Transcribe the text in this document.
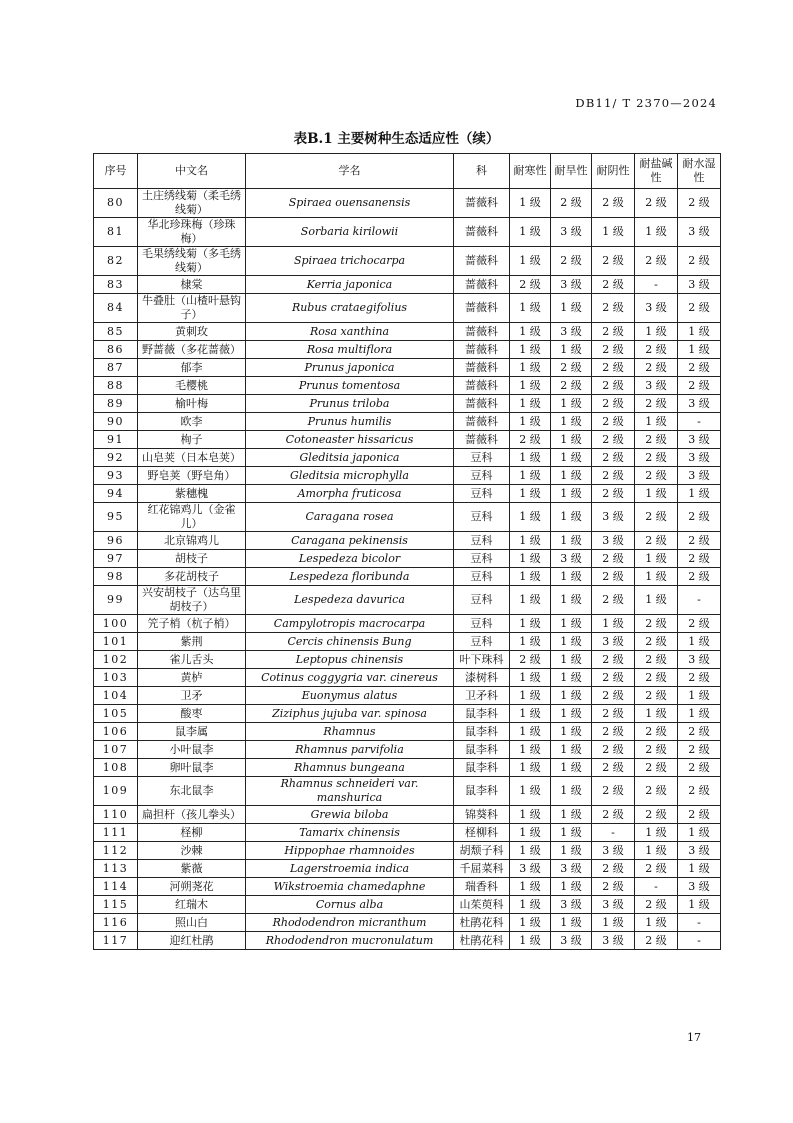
DB11/ T 2370—2024
表B.1 主要树种生态适应性（续）
序号	中文名	学名	科	耐寒性	耐旱性	耐阴性	耐盐碱性	耐水湿性
80	土庄绣线菊（柔毛绣线菊）	Spiraea ouensanensis	蔷薇科	1 级	2 级	2 级	2 级	2 级
81	华北珍珠梅（珍珠梅）	Sorbaria kirilowii	蔷薇科	1 级	3 级	1 级	1 级	3 级
82	毛果绣线菊（多毛绣线菊）	Spiraea trichocarpa	蔷薇科	1 级	2 级	2 级	2 级	2 级
83	棣棠	Kerria japonica	蔷薇科	2 级	3 级	2 级	-	3 级
84	牛叠肚（山楂叶悬钩子）	Rubus crataegifolius	蔷薇科	1 级	1 级	2 级	3 级	2 级
85	黄刺玫	Rosa xanthina	蔷薇科	1 级	3 级	2 级	1 级	1 级
86	野蔷薇（多花蔷薇）	Rosa multiflora	蔷薇科	1 级	1 级	2 级	2 级	1 级
87	郁李	Prunus japonica	蔷薇科	1 级	2 级	2 级	2 级	2 级
88	毛樱桃	Prunus tomentosa	蔷薇科	1 级	2 级	2 级	3 级	2 级
89	榆叶梅	Prunus triloba	蔷薇科	1 级	1 级	2 级	2 级	3 级
90	欧李	Prunus humilis	蔷薇科	1 级	1 级	2 级	1 级	-
91	栒子	Cotoneaster hissaricus	蔷薇科	2 级	1 级	2 级	2 级	3 级
92	山皂荚（日本皂荚）	Gleditsia japonica	豆科	1 级	1 级	2 级	2 级	3 级
93	野皂荚（野皂角）	Gleditsia microphylla	豆科	1 级	1 级	2 级	2 级	3 级
94	紫穗槐	Amorpha fruticosa	豆科	1 级	1 级	2 级	1 级	1 级
95	红花锦鸡儿（金雀儿）	Caragana rosea	豆科	1 级	1 级	3 级	2 级	2 级
96	北京锦鸡儿	Caragana pekinensis	豆科	1 级	1 级	3 级	2 级	2 级
97	胡枝子	Lespedeza bicolor	豆科	1 级	3 级	2 级	1 级	2 级
98	多花胡枝子	Lespedeza floribunda	豆科	1 级	1 级	2 级	1 级	2 级
99	兴安胡枝子（达乌里胡枝子）	Lespedeza davurica	豆科	1 级	1 级	2 级	1 级	-
100	笐子梢（杭子梢）	Campylotropis macrocarpa	豆科	1 级	1 级	1 级	2 级	2 级
101	紫荆	Cercis chinensis Bung	豆科	1 级	1 级	3 级	2 级	1 级
102	雀儿舌头	Leptopus chinensis	叶下珠科	2 级	1 级	2 级	2 级	3 级
103	黄栌	Cotinus coggygria var. cinereus	漆树科	1 级	1 级	2 级	2 级	2 级
104	卫矛	Euonymus alatus	卫矛科	1 级	1 级	2 级	2 级	1 级
105	酸枣	Ziziphus jujuba var. spinosa	鼠李科	1 级	1 级	2 级	1 级	1 级
106	鼠李属	Rhamnus	鼠李科	1 级	1 级	2 级	2 级	2 级
107	小叶鼠李	Rhamnus parvifolia	鼠李科	1 级	1 级	2 级	2 级	2 级
108	卵叶鼠李	Rhamnus bungeana	鼠李科	1 级	1 级	2 级	2 级	2 级
109	东北鼠李	Rhamnus schneideri var. manshurica	鼠李科	1 级	1 级	2 级	2 级	2 级
110	扁担杆（孩儿拳头）	Grewia biloba	锦葵科	1 级	1 级	2 级	2 级	2 级
111	柽柳	Tamarix chinensis	柽柳科	1 级	1 级	-	1 级	1 级
112	沙棘	Hippophae rhamnoides	胡颓子科	1 级	1 级	3 级	1 级	3 级
113	紫薇	Lagerstroemia indica	千屈菜科	3 级	3 级	2 级	2 级	1 级
114	河朔荛花	Wikstroemia chamedaphne	瑞香科	1 级	1 级	2 级	-	3 级
115	红瑞木	Cornus alba	山茱萸科	1 级	3 级	3 级	2 级	1 级
116	照山白	Rhododendron micranthum	杜鹃花科	1 级	1 级	1 级	1 级	-
117	迎红杜鹃	Rhododendron mucronulatum	杜鹃花科	1 级	3 级	3 级	2 级	-
17
